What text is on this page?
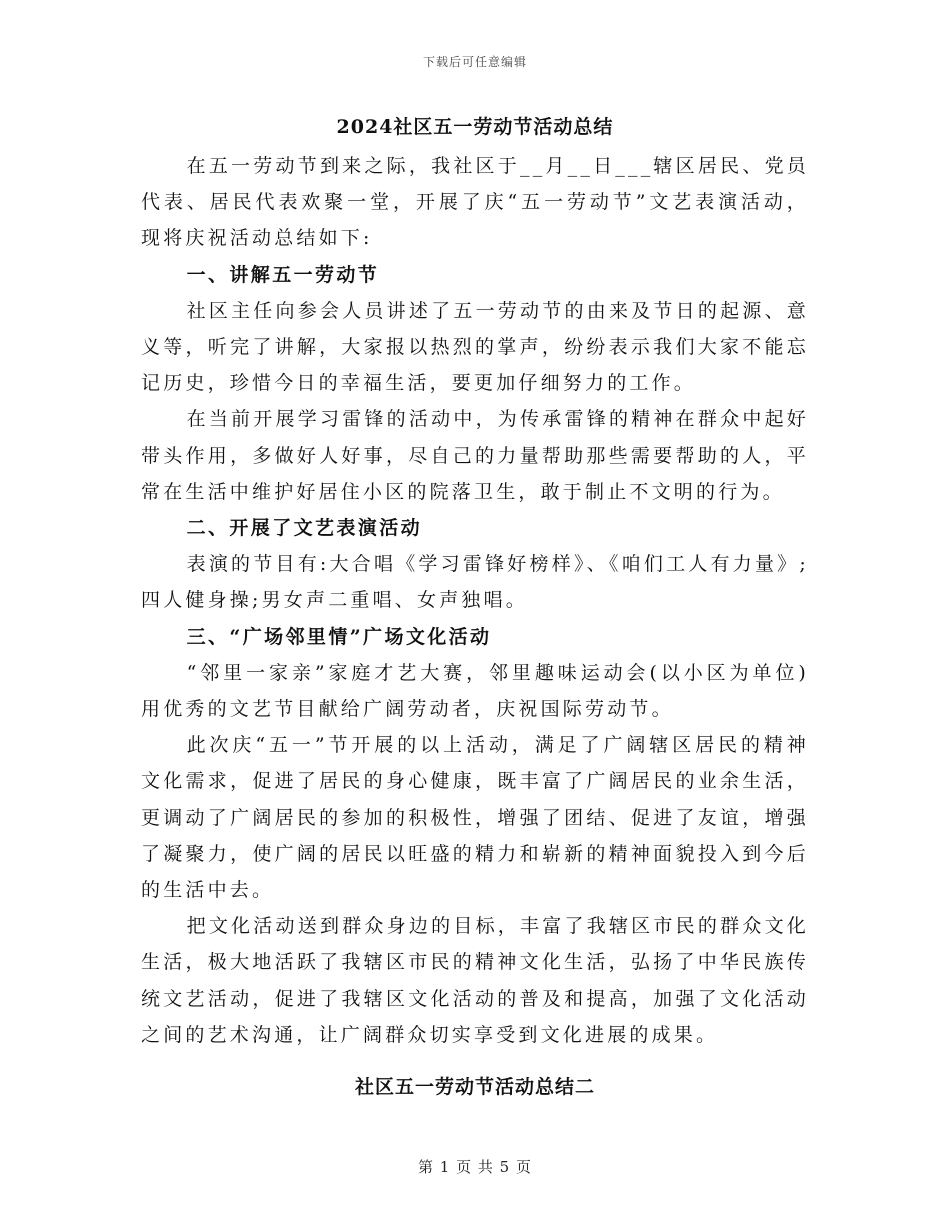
下载后可任意编辑
2024社区五一劳动节活动总结

在五一劳动节到来之际，我社区于__月__日___辖区居民、党员代表、居民代表欢聚一堂，开展了庆“五一劳动节”文艺表演活动，现将庆祝活动总结如下:

一、讲解五一劳动节

社区主任向参会人员讲述了五一劳动节的由来及节日的起源、意义等，听完了讲解，大家报以热烈的掌声，纷纷表示我们大家不能忘记历史，珍惜今日的幸福生活，要更加仔细努力的工作。

在当前开展学习雷锋的活动中，为传承雷锋的精神在群众中起好带头作用，多做好人好事，尽自己的力量帮助那些需要帮助的人，平常在生活中维护好居住小区的院落卫生，敢于制止不文明的行为。

二、开展了文艺表演活动

表演的节目有:大合唱《学习雷锋好榜样》、《咱们工人有力量》;四人健身操;男女声二重唱、女声独唱。

三、“广场邻里情”广场文化活动

“邻里一家亲”家庭才艺大赛，邻里趣味运动会(以小区为单位)用优秀的文艺节目献给广阔劳动者，庆祝国际劳动节。

此次庆“五一”节开展的以上活动，满足了广阔辖区居民的精神文化需求，促进了居民的身心健康，既丰富了广阔居民的业余生活，更调动了广阔居民的参加的积极性，增强了团结、促进了友谊，增强了凝聚力，使广阔的居民以旺盛的精力和崭新的精神面貌投入到今后的生活中去。

把文化活动送到群众身边的目标，丰富了我辖区市民的群众文化生活，极大地活跃了我辖区市民的精神文化生活，弘扬了中华民族传统文艺活动，促进了我辖区文化活动的普及和提高，加强了文化活动之间的艺术沟通，让广阔群众切实享受到文化进展的成果。

社区五一劳动节活动总结二
第 1 页 共 5 页
